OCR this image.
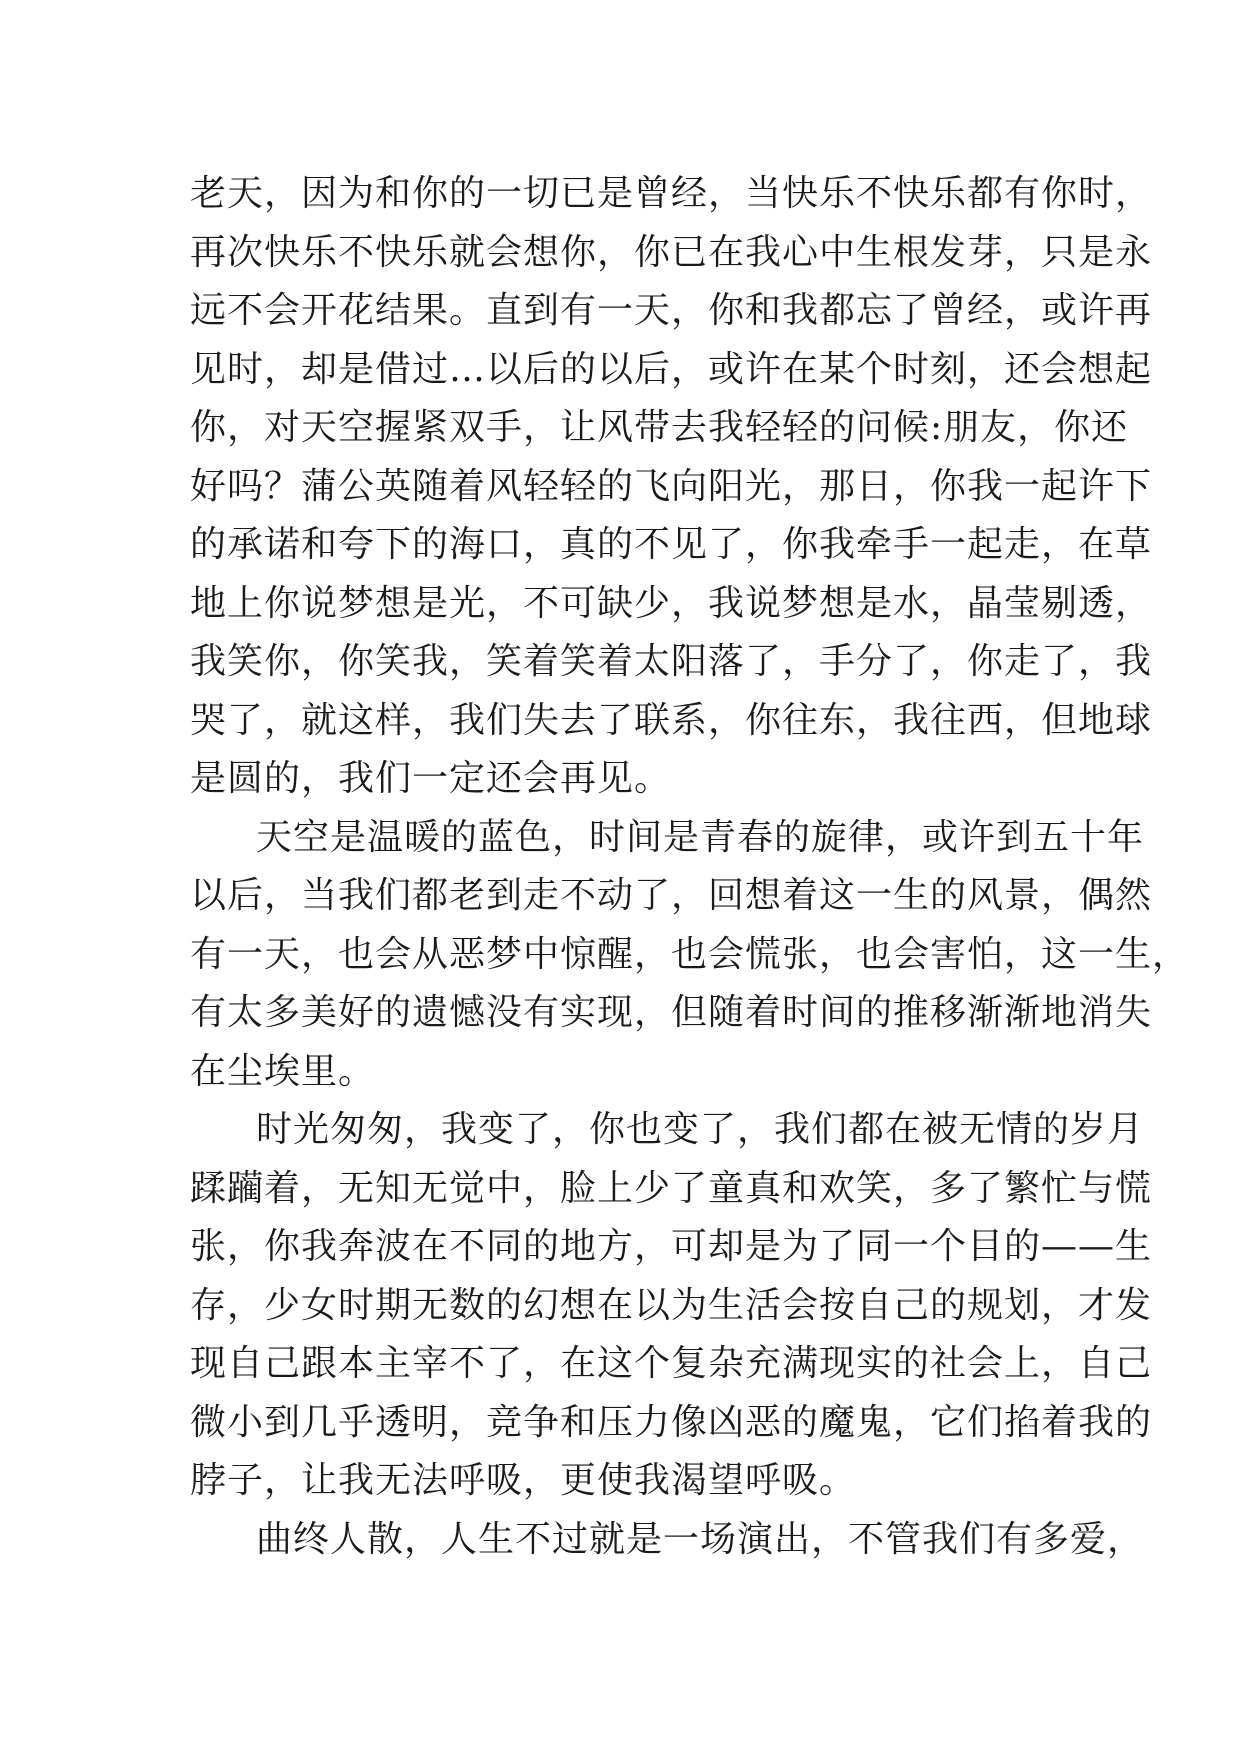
老天，因为和你的一切已是曾经，当快乐不快乐都有你时，
再次快乐不快乐就会想你，你已在我心中生根发芽，只是永
远不会开花结果。直到有一天，你和我都忘了曾经，或许再
见时，却是借过…以后的以后，或许在某个时刻，还会想起
你，对天空握紧双手，让风带去我轻轻的问候:朋友，你还
好吗？蒲公英随着风轻轻的飞向阳光，那日，你我一起许下
的承诺和夸下的海口，真的不见了，你我牵手一起走，在草
地上你说梦想是光，不可缺少，我说梦想是水，晶莹剔透，
我笑你，你笑我，笑着笑着太阳落了，手分了，你走了，我
哭了，就这样，我们失去了联系，你往东，我往西，但地球
是圆的，我们一定还会再见。
天空是温暖的蓝色，时间是青春的旋律，或许到五十年
以后，当我们都老到走不动了，回想着这一生的风景，偶然
有一天，也会从恶梦中惊醒，也会慌张，也会害怕，这一生，
有太多美好的遗憾没有实现，但随着时间的推移渐渐地消失
在尘埃里。
时光匆匆，我变了，你也变了，我们都在被无情的岁月
蹂躏着，无知无觉中，脸上少了童真和欢笑，多了繁忙与慌
张，你我奔波在不同的地方，可却是为了同一个目的——生
存，少女时期无数的幻想在以为生活会按自己的规划，才发
现自己跟本主宰不了，在这个复杂充满现实的社会上，自己
微小到几乎透明，竞争和压力像凶恶的魔鬼，它们掐着我的
脖子，让我无法呼吸，更使我渴望呼吸。
曲终人散，人生不过就是一场演出，不管我们有多爱，
